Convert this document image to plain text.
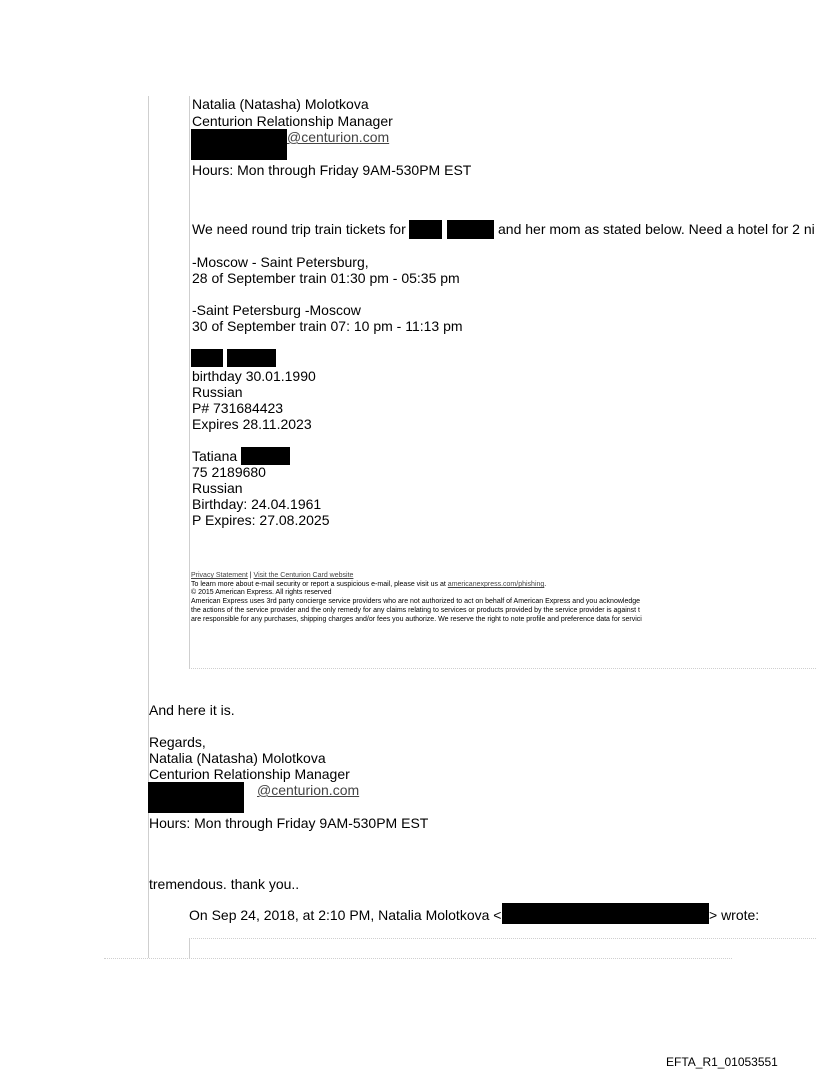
Natalia (Natasha) Molotkova
Centurion Relationship Manager
@centurion.com
Hours: Mon through Friday 9AM-530PM EST
We need round trip train tickets for	and her mom as stated below. Need a hotel for 2 ni
-Moscow - Saint Petersburg,
28 of September train 01:30 pm - 05:35 pm
-Saint Petersburg -Moscow
30 of September train 07: 10 pm - 11:13 pm
birthday 30.01.1990
Russian
P# 731684423
Expires 28.11.2023
Tatiana
75 2189680
Russian
Birthday: 24.04.1961
P Expires: 27.08.2025
Privacy Statement | Visit the Centurion Card website
To learn more about e-mail security or report a suspicious e-mail, please visit us at americanexpress.com/phishing.
© 2015 American Express. All rights reserved
American Express uses 3rd party concierge service providers who are not authorized to act on behalf of American Express and you acknowledge
the actions of the service provider and the only remedy for any claims relating to services or products provided by the service provider is against t
are responsible for any purchases, shipping charges and/or fees you authorize. We reserve the right to note profile and preference data for servici
And here it is.
Regards,
Natalia (Natasha) Molotkova
Centurion Relationship Manager
@centurion.com
Hours: Mon through Friday 9AM-530PM EST
tremendous. thank you..
On Sep 24, 2018, at 2:10 PM, Natalia Molotkova <	> wrote:
EFTA_R1_01053551
